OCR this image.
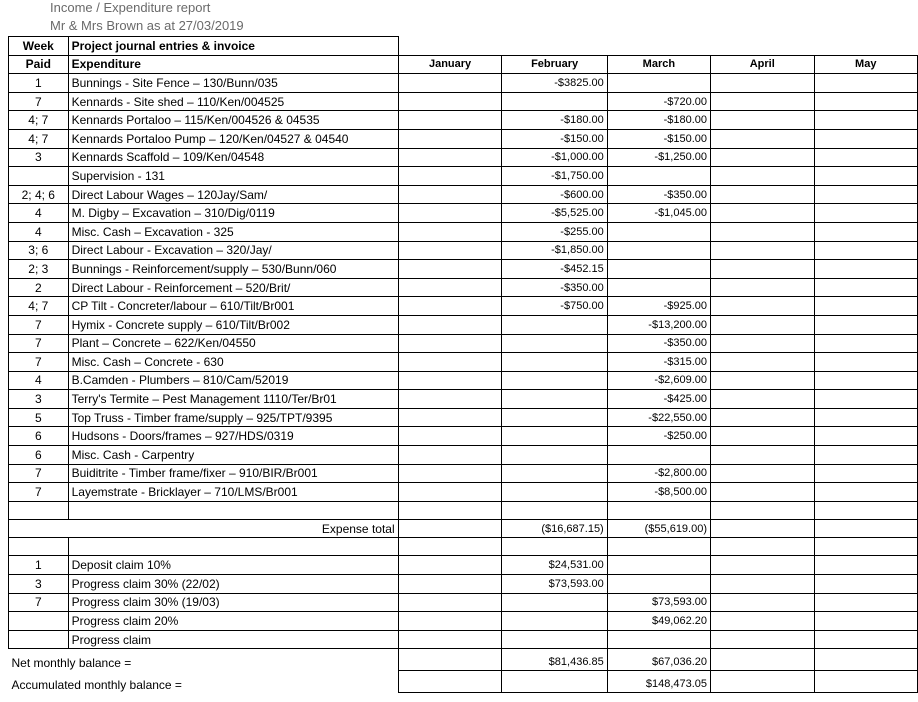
Income / Expenditure report
Mr & Mrs Brown as at 27/03/2019
Week	Project journal entries & invoice					
Paid	Expenditure	January	February	March	April	May
1	Bunnings - Site Fence – 130/Bunn/035		-$3825.00			
7	Kennards - Site shed – 110/Ken/004525			-$720.00		
4; 7	Kennards Portaloo – 115/Ken/004526 & 04535		-$180.00	-$180.00		
4; 7	Kennards Portaloo Pump – 120/Ken/04527 & 04540		-$150.00	-$150.00		
3	Kennards Scaffold – 109/Ken/04548		-$1,000.00	-$1,250.00		
	Supervision - 131		-$1,750.00			
2; 4; 6	Direct Labour Wages – 120Jay/Sam/		-$600.00	-$350.00		
4	M. Digby – Excavation – 310/Dig/0119		-$5,525.00	-$1,045.00		
4	Misc. Cash – Excavation - 325		-$255.00			
3; 6	Direct Labour - Excavation – 320/Jay/		-$1,850.00			
2; 3	Bunnings - Reinforcement/supply – 530/Bunn/060		-$452.15			
2	Direct Labour - Reinforcement – 520/Brit/		-$350.00			
4; 7	CP Tilt - Concreter/labour – 610/Tilt/Br001		-$750.00	-$925.00		
7	Hymix - Concrete supply – 610/Tilt/Br002			-$13,200.00		
7	Plant – Concrete – 622/Ken/04550			-$350.00		
7	Misc. Cash – Concrete - 630			-$315.00		
4	B.Camden - Plumbers – 810/Cam/52019			-$2,609.00		
3	Terry's Termite – Pest Management 1110/Ter/Br01			-$425.00		
5	Top Truss - Timber frame/supply – 925/TPT/9395			-$22,550.00		
6	Hudsons - Doors/frames – 927/HDS/0319			-$250.00		
6	Misc. Cash - Carpentry					
7	Buiditrite - Timber frame/fixer – 910/BIR/Br001			-$2,800.00		
7	Layemstrate - Bricklayer – 710/LMS/Br001			-$8,500.00		

Expense total			($16,687.15)	($55,619.00)		

1	Deposit claim 10%		$24,531.00			
3	Progress claim 30% (22/02)		$73,593.00			
7	Progress claim 30% (19/03)			$73,593.00		
	Progress claim 20%			$49,062.20		
	Progress claim					
Net monthly balance =			$81,436.85	$67,036.20		
Accumulated monthly balance =				$148,473.05		
